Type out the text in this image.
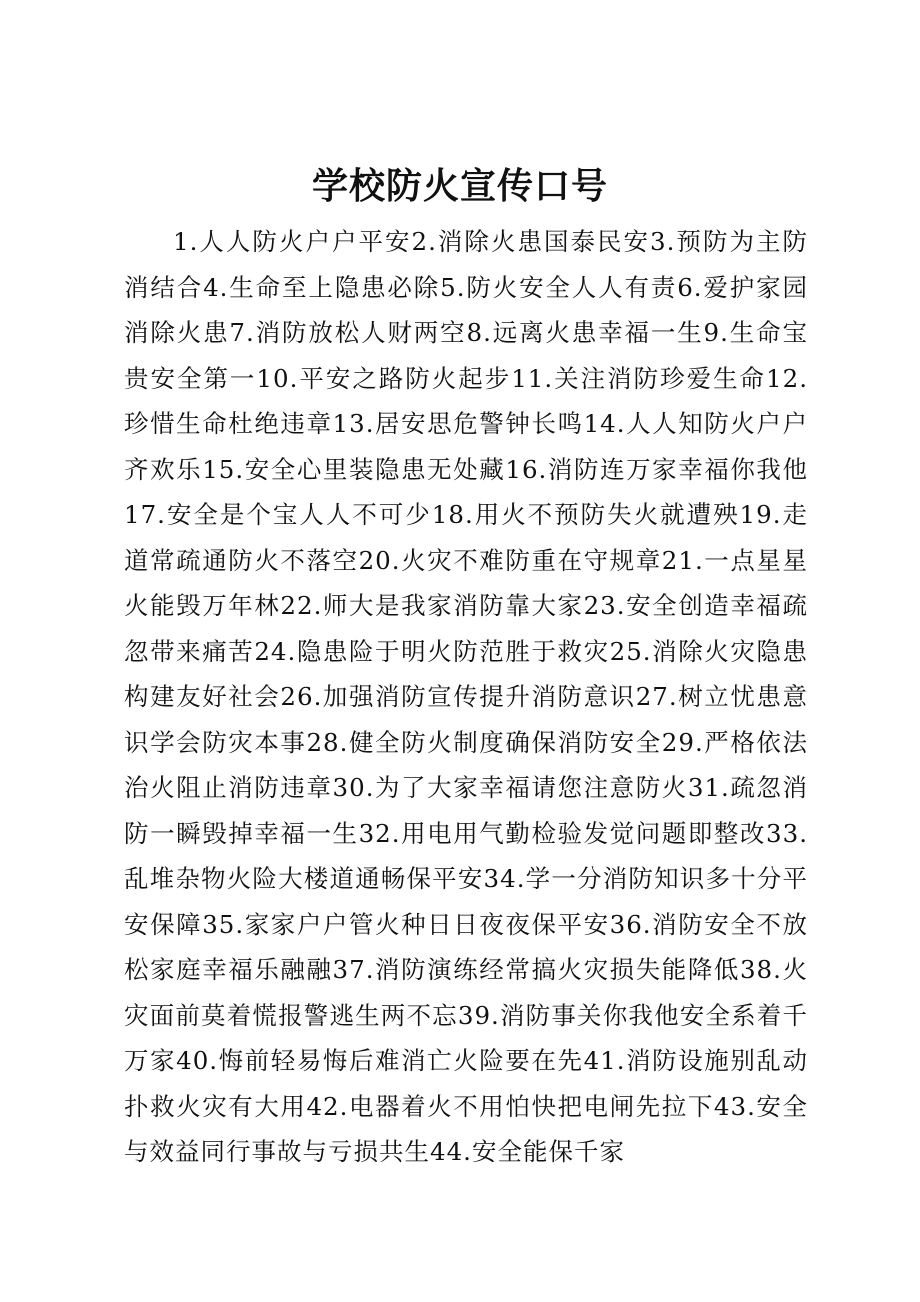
学校防火宣传口号

1.人人防火户户平安2.消除火患国泰民安3.预防为主防消结合4.生命至上隐患必除5.防火安全人人有责6.爱护家园消除火患7.消防放松人财两空8.远离火患幸福一生9.生命宝贵安全第一10.平安之路防火起步11.关注消防珍爱生命12.珍惜生命杜绝违章13.居安思危警钟长鸣14.人人知防火户户齐欢乐15.安全心里装隐患无处藏16.消防连万家幸福你我他17.安全是个宝人人不可少18.用火不预防失火就遭殃19.走道常疏通防火不落空20.火灾不难防重在守规章21.一点星星火能毁万年林22.师大是我家消防靠大家23.安全创造幸福疏忽带来痛苦24.隐患险于明火防范胜于救灾25.消除火灾隐患构建友好社会26.加强消防宣传提升消防意识27.树立忧患意识学会防灾本事28.健全防火制度确保消防安全29.严格依法治火阻止消防违章30.为了大家幸福请您注意防火31.疏忽消防一瞬毁掉幸福一生32.用电用气勤检验发觉问题即整改33.乱堆杂物火险大楼道通畅保平安34.学一分消防知识多十分平安保障35.家家户户管火种日日夜夜保平安36.消防安全不放松家庭幸福乐融融37.消防演练经常搞火灾损失能降低38.火灾面前莫着慌报警逃生两不忘39.消防事关你我他安全系着千万家40.悔前轻易悔后难消亡火险要在先41.消防设施别乱动扑救火灾有大用42.电器着火不用怕快把电闸先拉下43.安全与效益同行事故与亏损共生44.安全能保千家
